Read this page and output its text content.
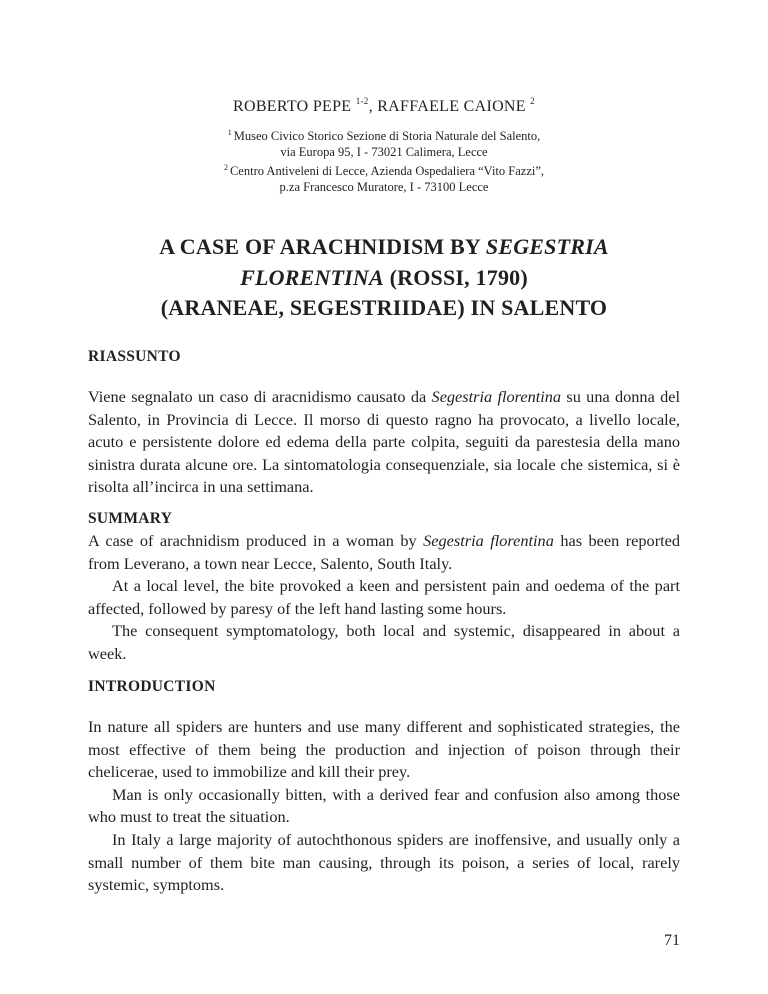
ROBERTO PEPE $^{1-2}$, RAFFAELE CAIONE $^2$
$^1$ Museo Civico Storico Sezione di Storia Naturale del Salento,
via Europa 95, I - 73021 Calimera, Lecce
$^2$ Centro Antiveleni di Lecce, Azienda Ospedaliera “Vito Fazzi”,
p.za Francesco Muratore, I - 73100 Lecce
A CASE OF ARACHNIDISM BY SEGESTRIA
FLORENTINA (ROSSI, 1790)
(ARANEAE, SEGESTRIIDAE) IN SALENTO
RIASSUNTO

Viene segnalato un caso di aracnidismo causato da Segestria florentina su una donna del Salento, in Provincia di Lecce. Il morso di questo ragno ha provocato, a livello locale, acuto e persistente dolore ed edema della parte colpita, seguiti da parestesia della mano sinistra durata alcune ore. La sintomatologia consequenziale, sia locale che sistemica, si è risolta all’incirca in una settimana.

SUMMARY

A case of arachnidism produced in a woman by Segestria florentina has been reported from Leverano, a town near Lecce, Salento, South Italy.

At a local level, the bite provoked a keen and persistent pain and oedema of the part affected, followed by paresy of the left hand lasting some hours.

The consequent symptomatology, both local and systemic, disappeared in about a week.

INTRODUCTION

In nature all spiders are hunters and use many different and sophisticated strategies, the most effective of them being the production and injection of poison through their chelicerae, used to immobilize and kill their prey.

Man is only occasionally bitten, with a derived fear and confusion also among those who must to treat the situation.

In Italy a large majority of autochthonous spiders are inoffensive, and usually only a small number of them bite man causing, through its poison, a series of local, rarely systemic, symptoms.

71
